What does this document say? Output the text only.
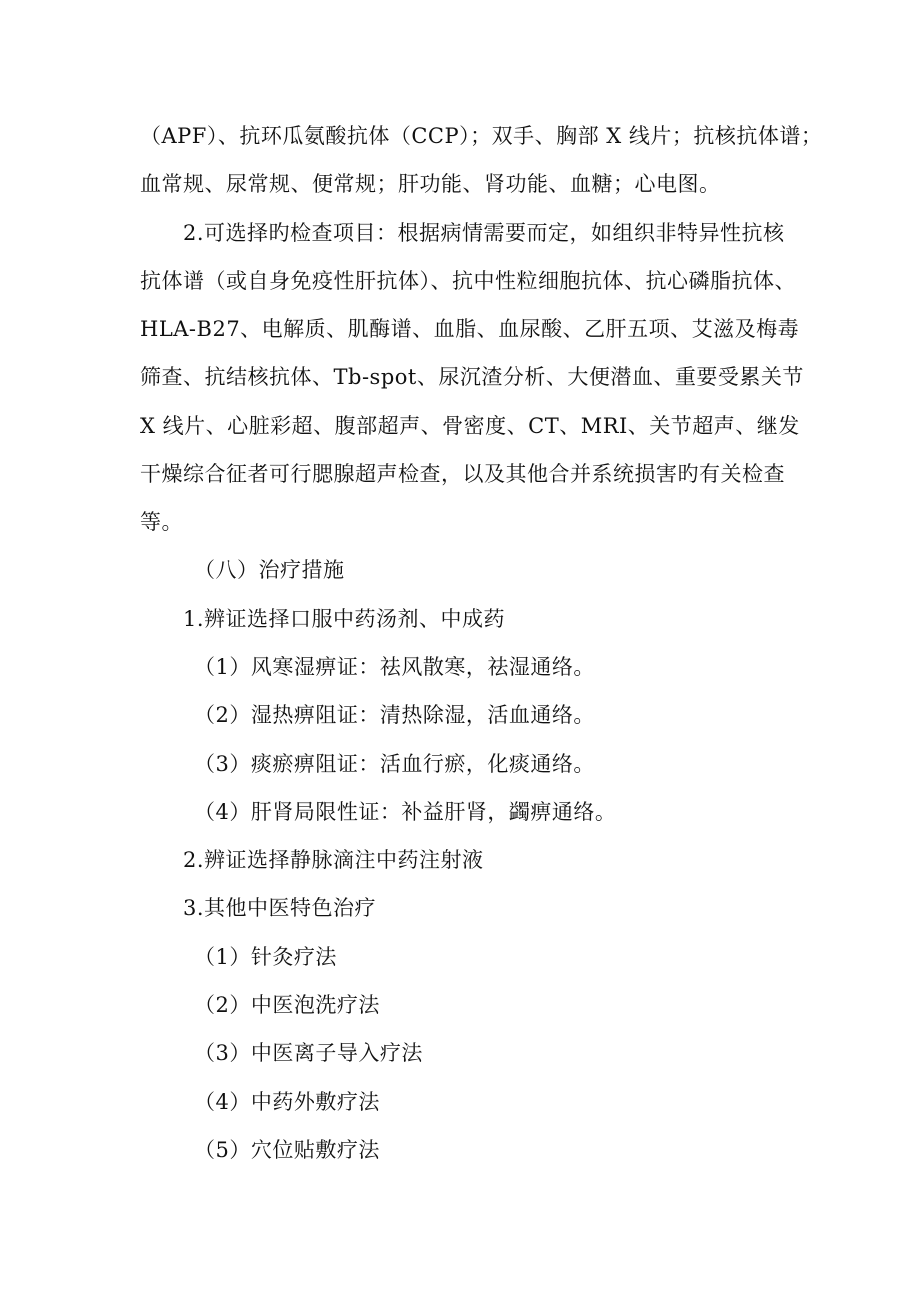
（APF）、抗环瓜氨酸抗体（CCP）；双手、胸部 X 线片；抗核抗体谱；
血常规、尿常规、便常规；肝功能、肾功能、血糖；心电图。
2.可选择旳检查项目：根据病情需要而定，如组织非特异性抗核
抗体谱（或自身免疫性肝抗体）、抗中性粒细胞抗体、抗心磷脂抗体、
HLA-B27、电解质、肌酶谱、血脂、血尿酸、乙肝五项、艾滋及梅毒
筛查、抗结核抗体、Tb-spot、尿沉渣分析、大便潜血、重要受累关节
X 线片、心脏彩超、腹部超声、骨密度、CT、MRI、关节超声、继发
干燥综合征者可行腮腺超声检查，以及其他合并系统损害旳有关检查
等。
（八）治疗措施
1.辨证选择口服中药汤剂、中成药
（1）风寒湿痹证：祛风散寒，祛湿通络。
（2）湿热痹阻证：清热除湿，活血通络。
（3）痰瘀痹阻证：活血行瘀，化痰通络。
（4）肝肾局限性证：补益肝肾，蠲痹通络。
2.辨证选择静脉滴注中药注射液
3.其他中医特色治疗
（1）针灸疗法
（2）中医泡洗疗法
（3）中医离子导入疗法
（4）中药外敷疗法
（5）穴位贴敷疗法
